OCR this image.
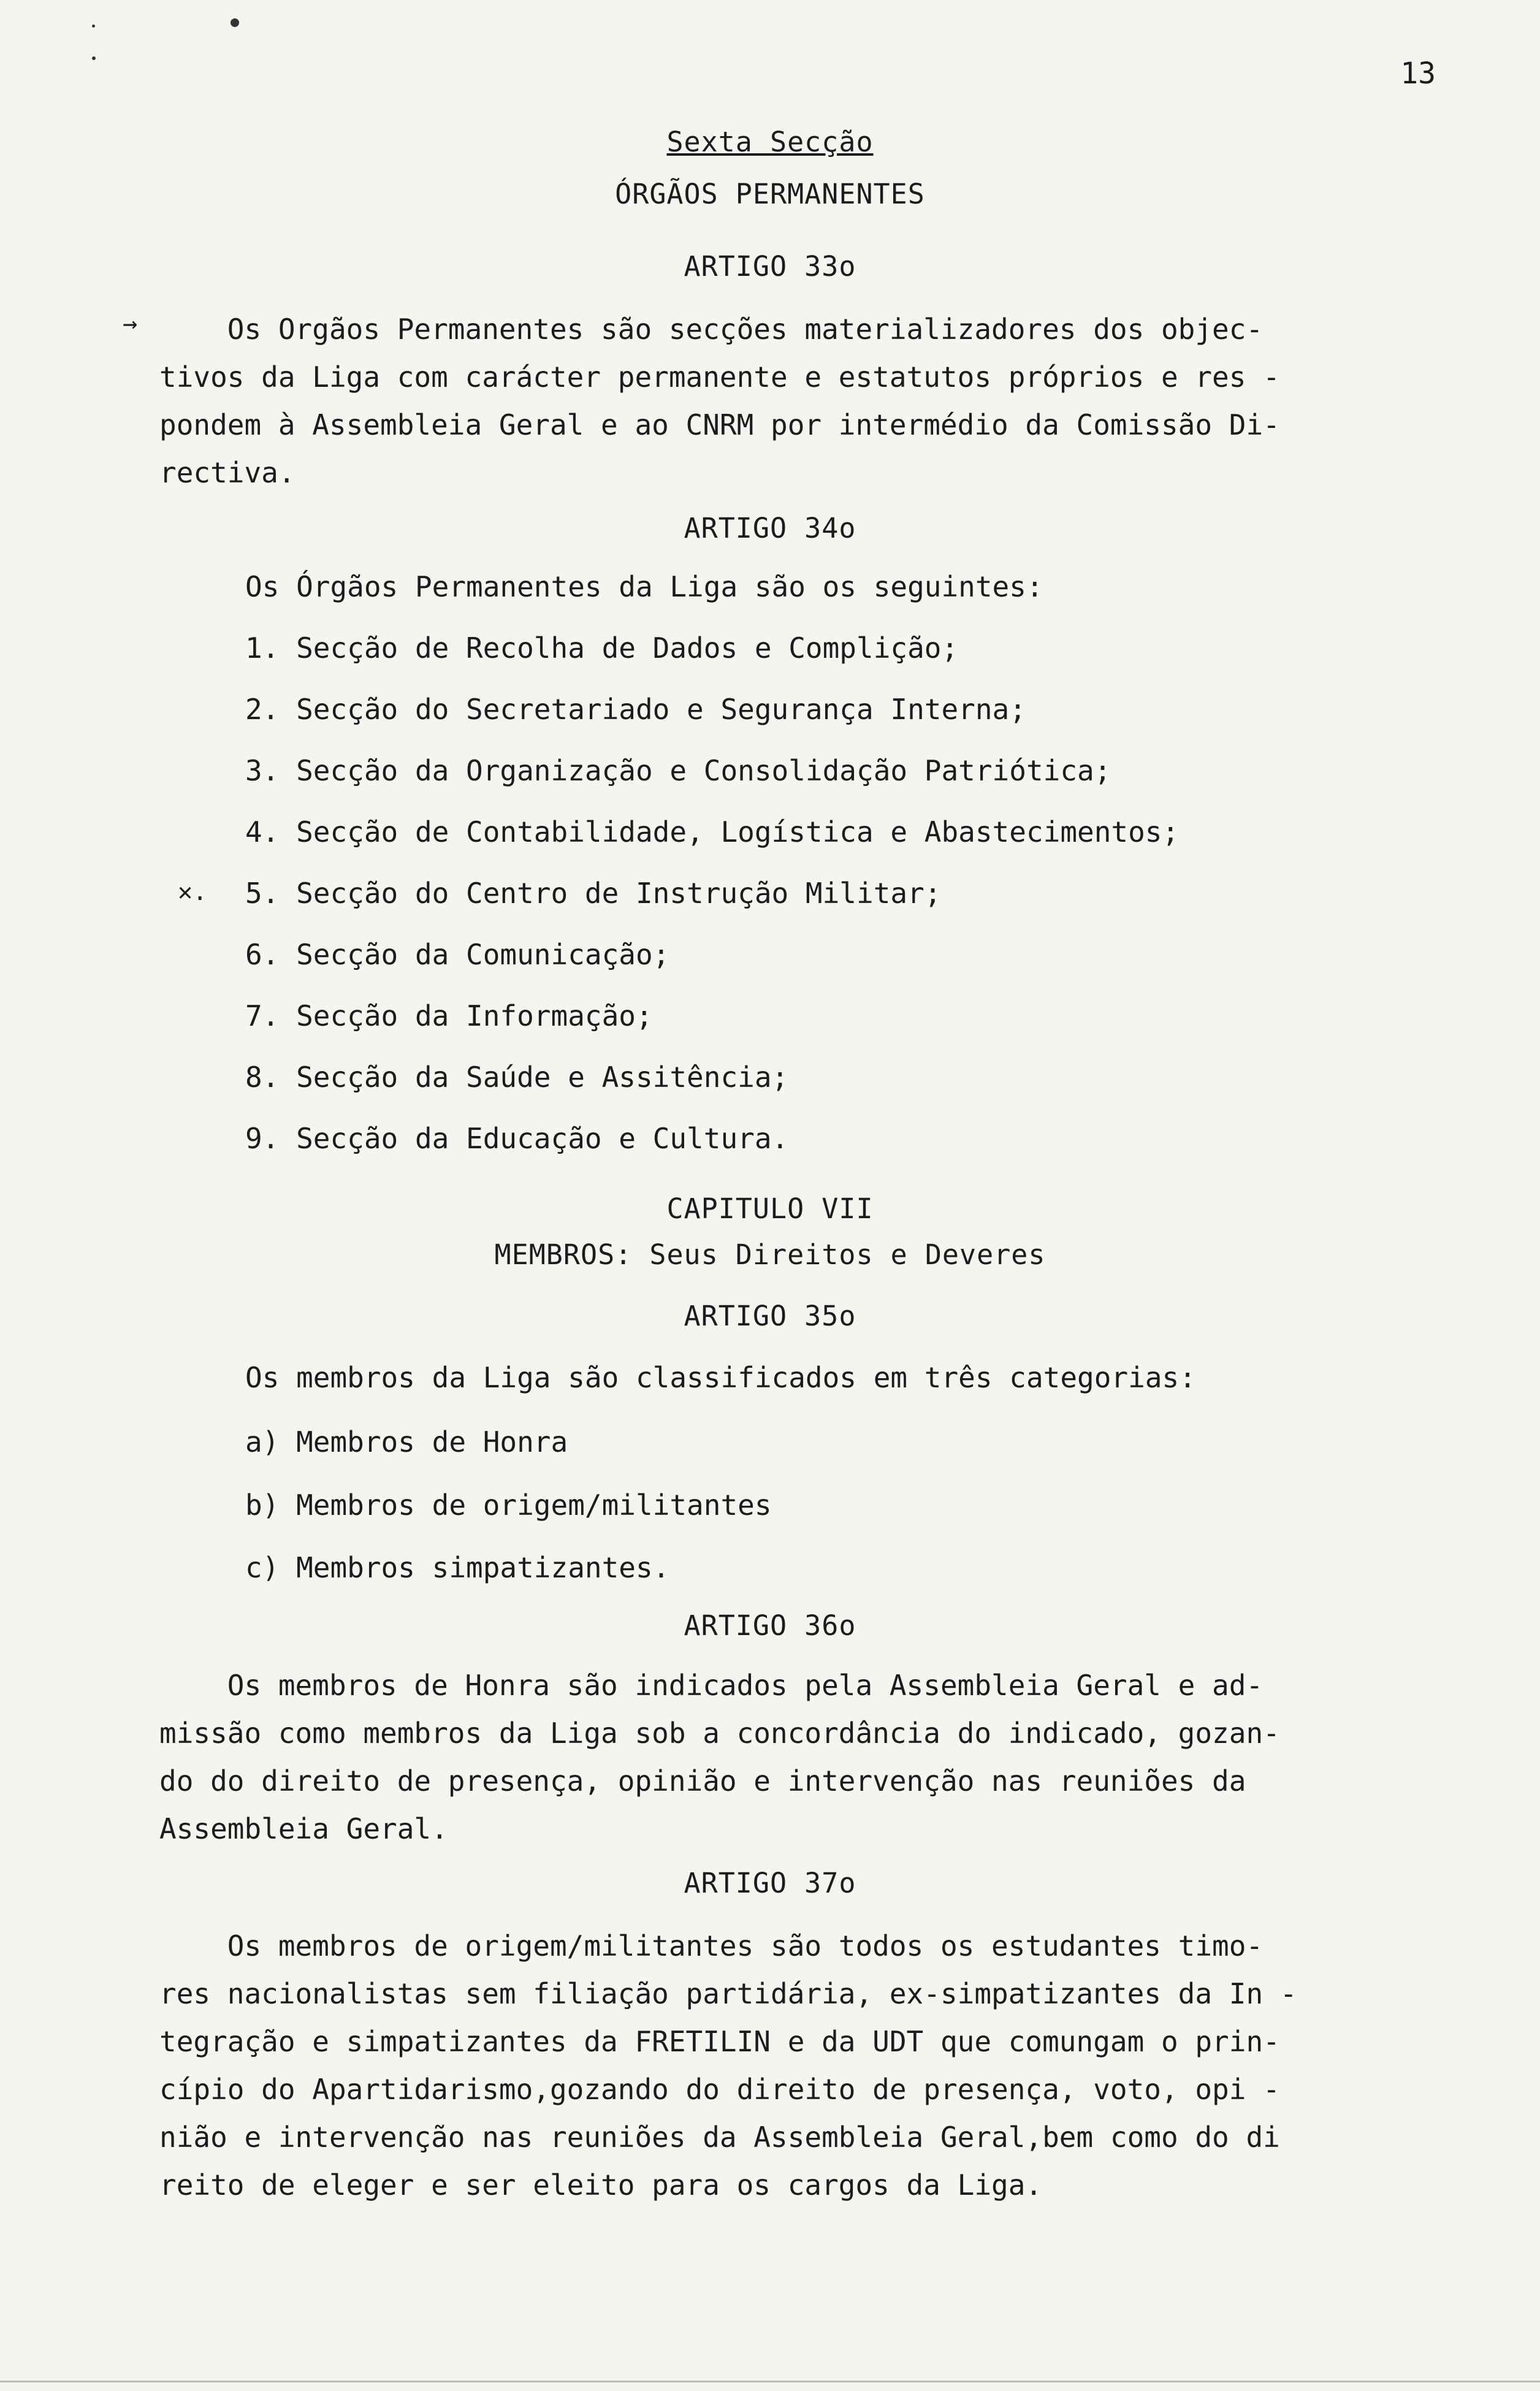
13
Sexta Secção
ÓRGÃOS PERMANENTES
ARTIGO 33o
→	Os Orgãos Permanentes são secções materializadores dos objec-
tivos da Liga com carácter permanente e estatutos próprios e res -
pondem à Assembleia Geral e ao CNRM por intermédio da Comissão Di-
rectiva.

ARTIGO 34o
Os Órgãos Permanentes da Liga são os seguintes:
1. Secção de Recolha de Dados e Complição;
2. Secção do Secretariado e Segurança Interna;
3. Secção da Organização e Consolidação Patriótica;
4. Secção de Contabilidade, Logística e Abastecimentos;
✕. 5. Secção do Centro de Instrução Militar;
6. Secção da Comunicação;
7. Secção da Informação;
8. Secção da Saúde e Assitência;
9. Secção da Educação e Cultura.
CAPITULO VII
MEMBROS: Seus Direitos e Deveres
ARTIGO 35o
Os membros da Liga são classificados em três categorias:
a) Membros de Honra
b) Membros de origem/militantes
c) Membros simpatizantes.
ARTIGO 36o

Os membros de Honra são indicados pela Assembleia Geral e ad-
missão como membros da Liga sob a concordância do indicado, gozan-
do do direito de presença, opinião e intervenção nas reuniões da
Assembleia Geral.

ARTIGO 37o

Os membros de origem/militantes são todos os estudantes timo-
res nacionalistas sem filiação partidária, ex-simpatizantes da In -
tegração e simpatizantes da FRETILIN e da UDT que comungam o prin-
cípio do Apartidarismo,gozando do direito de presença, voto, opi -
nião e intervenção nas reuniões da Assembleia Geral,bem como do di
reito de eleger e ser eleito para os cargos da Liga.
